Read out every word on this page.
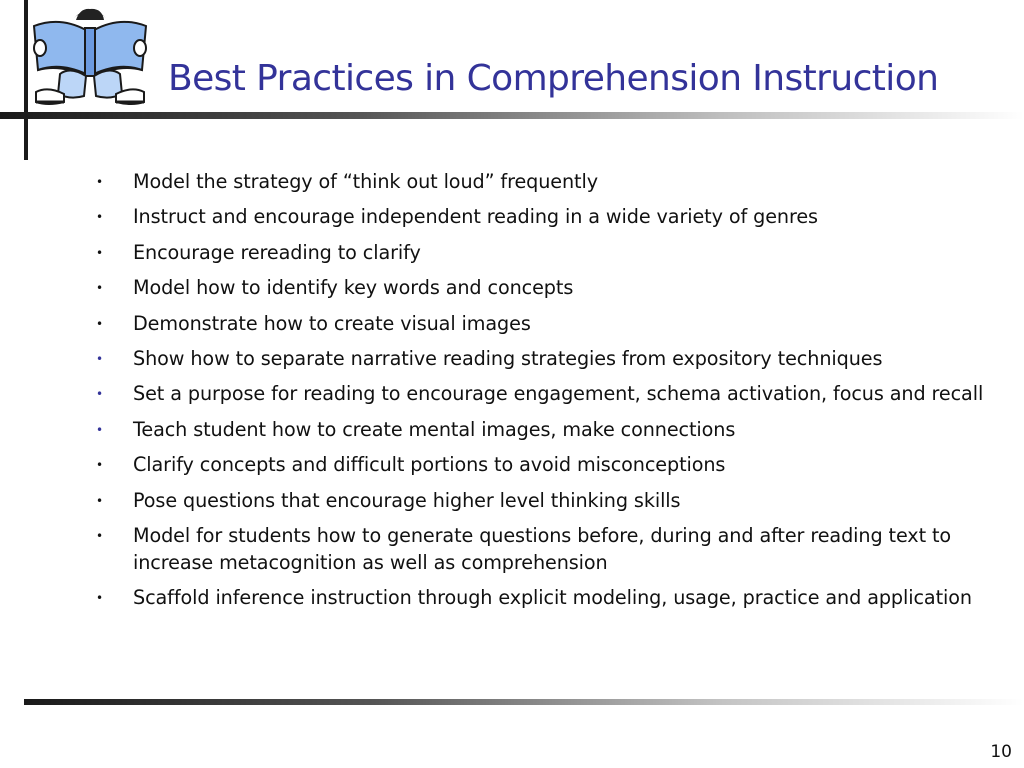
Best Practices in Comprehension Instruction
• Model the strategy of “think out loud” frequently
• Instruct and encourage independent reading in a wide variety of genres
• Encourage rereading to clarify
• Model how to identify key words and concepts
• Demonstrate how to create visual images
• Show how to separate narrative reading strategies from expository techniques
• Set a purpose for reading to encourage engagement, schema activation, focus and recall
• Teach student how to create mental images, make connections
• Clarify concepts and difficult portions to avoid misconceptions
• Pose questions that encourage higher level thinking skills
• Model for students how to generate questions before, during and after reading text to increase metacognition as well as comprehension
• Scaffold inference instruction through explicit modeling, usage, practice and application
10
